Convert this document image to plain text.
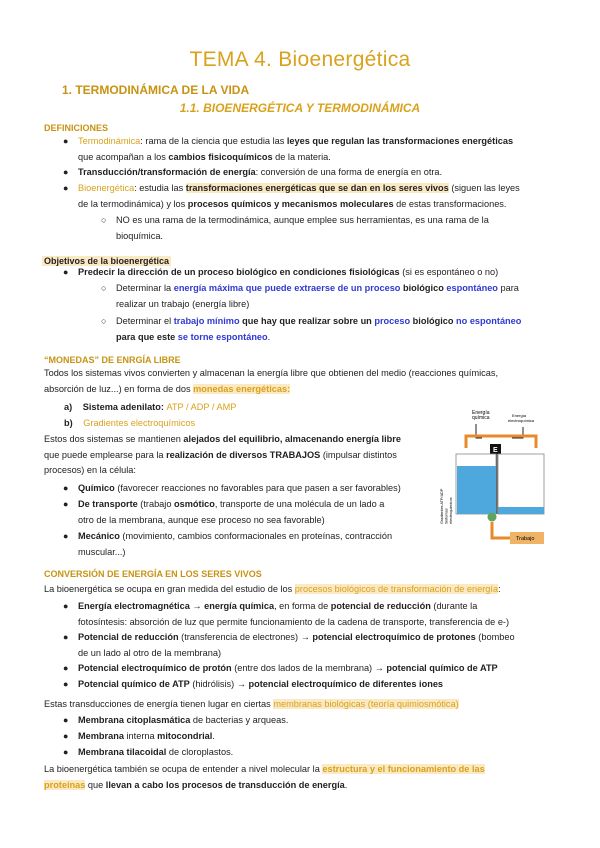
TEMA 4. Bioenergética
1. TERMODINÁMICA DE LA VIDA
1.1. BIOENERGÉTICA Y TERMODINÁMICA
DEFINICIONES
● Termodinámica: rama de la ciencia que estudia las leyes que regulan las transformaciones energéticas
que acompañan a los cambios fisicoquímicos de la materia.
● Transducción/transformación de energía: conversión de una forma de energía en otra.
● Bioenergética: estudia las transformaciones energéticas que se dan en los seres vivos (siguen las leyes
de la termodinámica) y los procesos químicos y mecanismos moleculares de estas transformaciones.
○ NO es una rama de la termodinámica, aunque emplee sus herramientas, es una rama de la
bioquímica.
Objetivos de la bioenergética
● Predecir la dirección de un proceso biológico en condiciones fisiológicas (si es espontáneo o no)
○ Determinar la energía máxima que puede extraerse de un proceso biológico espontáneo para
realizar un trabajo (energía libre)
○ Determinar el trabajo mínimo que hay que realizar sobre un proceso biológico no espontáneo
para que este se torne espontáneo.
“MONEDAS” DE ENRGÍA LIBRE
Todos los sistemas vivos convierten y almacenan la energía libre que obtienen del medio (reacciones químicas,
absorción de luz...) en forma de dos monedas energéticas:
a) Sistema adenilato: ATP / ADP / AMP
b) Gradientes electroquímicos
Estos dos sistemas se mantienen alejados del equilibrio, almacenando energía libre
que puede emplearse para la realización de diversos TRABAJOS (impulsar distintos
procesos) en la célula:
● Químico (favorecer reacciones no favorables para que pasen a ser favorables)
● De transporte (trabajo osmótico, transporte de una molécula de un lado a
otro de la membrana, aunque ese proceso no sea favorable)
● Mecánico (movimiento, cambios conformacionales en proteínas, contracción
muscular...)
Energía química	Energía electroquímica
E
Trabajo
Gradientes ATP/ADPSistemaselectroquímicos
CONVERSIÓN DE ENERGÍA EN LOS SERES VIVOS
La bioenergética se ocupa en gran medida del estudio de los procesos biológicos de transformación de energía:
● Energía electromagnética → energía química, en forma de potencial de reducción (durante la
fotosíntesis: absorción de luz que permite funcionamiento de la cadena de transporte, transferencia de e-)
● Potencial de reducción (transferencia de electrones) → potencial electroquímico de protones (bombeo
de un lado al otro de la membrana)
● Potencial electroquímico de protón (entre dos lados de la membrana) → potencial químico de ATP
● Potencial químico de ATP (hidrólisis) → potencial electroquímico de diferentes iones
Estas transducciones de energía tienen lugar en ciertas membranas biológicas (teoría quimiosmótica)
● Membrana citoplasmática de bacterias y arqueas.
● Membrana interna mitocondrial.
● Membrana tilacoidal de cloroplastos.
La bioenergética también se ocupa de entender a nivel molecular la estructura y el funcionamiento de las
proteínas que llevan a cabo los procesos de transducción de energía.
